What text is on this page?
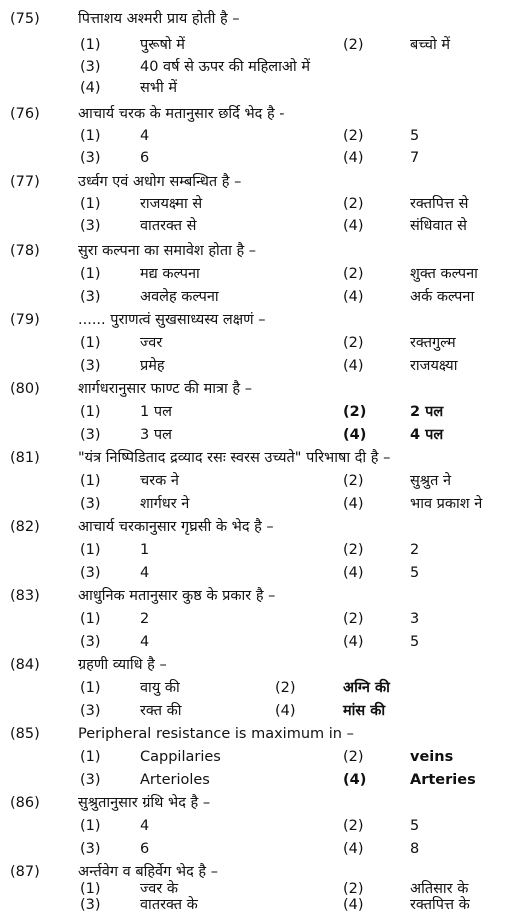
(75)	पित्ताशय अश्मरी प्राय होती है –
(1)	पुरूषो में	(2)	बच्चो में
(3)	40 वर्ष से ऊपर की महिलाओ में
(4)	सभी में
(76)	आचार्य चरक के मतानुसार छर्दि भेद है -
(1)	4	(2)	5
(3)	6	(4)	7
(77)	उर्ध्वग एवं अधोग सम्बन्धित है –
(1)	राजयक्ष्मा से	(2)	रक्तपित्त से
(3)	वातरक्त से	(4)	संधिवात से
(78)	सुरा कल्पना का समावेश होता है –
(1)	मद्य कल्पना	(2)	शुक्त कल्पना
(3)	अवलेह कल्पना	(4)	अर्क कल्पना
(79)	...... पुराणत्वं सुखसाध्यस्य लक्षणं –
(1)	ज्वर	(2)	रक्तगुल्म
(3)	प्रमेह	(4)	राजयक्ष्या
(80)	शार्गधरानुसार फाण्ट की मात्रा है –
(1)	1 पल	(2)	2 पल
(3)	3 पल	(4)	4 पल
(81)	"यंत्र निष्पिडिताद द्रव्याद रसः स्वरस उच्यते" परिभाषा दी है –
(1)	चरक ने	(2)	सुश्रुत ने
(3)	शार्गधर ने	(4)	भाव प्रकाश ने
(82)	आचार्य चरकानुसार गृघ्रसी के भेद है –
(1)	1	(2)	2
(3)	4	(4)	5
(83)	आधुनिक मतानुसार कुष्ठ के प्रकार है –
(1)	2	(2)	3
(3)	4	(4)	5
(84)	ग्रहणी व्याधि है –
(1)	वायु की	(2)	अग्नि की
(3)	रक्त की	(4)	मांस की
(85)	Peripheral resistance is maximum in –
(1)	Cappilaries	(2)	veins
(3)	Arterioles	(4)	Arteries
(86)	सुश्रुतानुसार ग्रंथि भेद है –
(1)	4	(2)	5
(3)	6	(4)	8
(87)	अर्न्तवेग व बहिर्वेग भेद है –
(1)	ज्वर के	(2)	अतिसार के
(3)	वातरक्त के	(4)	रक्तपित्त के
